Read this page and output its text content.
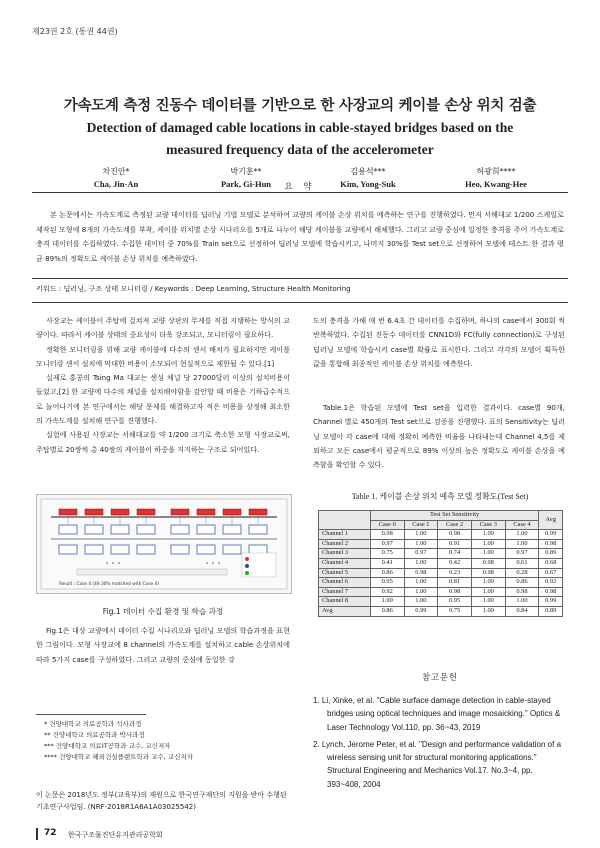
제23권 2호 (통권 44권)
가속도계 측정 진동수 데이터를 기반으로 한 사장교의 케이블 손상 위치 검출
Detection of damaged cable locations in cable-stayed bridges based on the
measured frequency data of the accelerometer
차진안*
Cha, Jin-An
박기훈**
Park, Gi-Hun
김용석***
Kim, Yong-Suk
허광희****
Heo, Kwang-Hee
요 약
본 논문에서는 가속도계로 측정된 교량 데이터를 딥러닝 기법 모델로 분석하여 교량의 케이블 손상 위치를 예측하는 연구를 진행하였다. 먼저 서해대교 1/200 스케일로 제작된 모형에 8개의 가속도계를 부착, 케이블 위치별 손상 시나리오를 5개로 나누어 해당 케이블을 교량에서 해체했다. 그리고 교량 중심에 일정한 충격을 주어 가속도계로 충격 데이터를 수집하였다. 수집한 데이터 중 70%를 Train set으로 선정하여 딥러닝 모델에 학습시키고, 나머지 30%를 Test set으로 선정하여 모델에 테스트 한 결과 평균 89%의 정확도로 케이블 손상 위치를 예측하였다.
키워드 : 딥러닝, 구조 상태 모니터링 / Keywords : Deep Learning, Structure Health Monitoring

사장교는 케이블이 주탑에 걸쳐져 교량 상판의 무게를 직접 지탱하는 방식의 교량이다. 따라서 케이블 상태의 중요성이 더욱 강조되고, 모니터링이 필요하다.

정확한 모니터링을 위해 교량 케이블에 다수의 센서 배치가 필요하지만 케이블 모니터링 센서 설치에 막대한 비용이 소모되어 현실적으로 제한될 수 있다.[1]

실제로 홍콩의 Tsing Ma 대교는 센싱 채널 당 27000달러 이상의 설치비용이 들었고,[2] 한 교량에 다수의 채널을 설치해야함을 감안할 때 비용은 기하급수적으로 늘어나기에 본 연구에서는 해당 문제를 해결하고자 적은 비용을 상정해 최소한의 가속도계를 설치해 연구를 진행했다.

실험에 사용된 사장교는 서해대교를 약 1/200 크기로 축소한 모형 사장교로써, 주탑별로 20쌍씩 총 40쌍의 케이블이 하중을 지지하는 구조로 되어있다.

Result : Case 4 (49.30% matched with Case 4)
Fig.1 데이터 수집 환경 및 학습 과정

Fig.1은 대상 교량에서 데이터 수집 시나리오와 딥러닝 모델의 학습과정을 표현한 그림이다. 모형 사장교에 8 channel의 가속도계를 설치하고 cable 손상위치에 따라 5가지 case를 구성하였다. 그리고 교량의 중심에 동일한 강

도의 충격을 가해 매 번 6.4초 간 데이터를 수집하며, 하나의 case에서 300회 씩 반복하였다. 수집된 진동수 데이터를 CNN1D와 FC(fully connection)로 구성된 딥러닝 모델에 학습시켜 case별 확률로 표시한다. 그리고 각각의 모델이 획득한 값을 통합해 최종적인 케이블 손상 위치를 예측한다.

Table.1은 학습된 모델에 Test set을 입력한 결과이다. case별 90개, Channel 별로 450개의 Test set으로 검증을 진행했다. 표의 Sensitivity는 딥러닝 모델이 각 case에 대해 정확히 예측한 비율을 나타내는데 Channel 4,5를 제외하고 모든 case에서 평균적으로 89% 이상의 높은 정확도로 케이블 손상을 예측함을 확인할 수 있다.

Table 1. 케이블 손상 위치 예측 모델 정확도(Test Set)
	Test Set Sensitivity					Avg
	Case 0	Case 1	Case 2	Case 3	Case 4	
Channel 1	0.98	1.00	0.98	1.00	1.00	0.99
Channel 2	0.97	1.00	0.91	1.00	1.00	0.98
Channel 3	0.75	0.97	0.74	1.00	0.97	0.89
Channel 4	0.41	1.00	0.42	0.98	0.61	0.68
Channel 5	0.86	0.98	0.23	0.98	0.28	0.67
Channel 6	0.95	1.00	0.81	1.00	0.86	0.92
Channel 7	0.92	1.00	0.98	1.00	0.98	0.98
Channel 8	1.00	1.00	0.95	1.00	1.00	0.99
Avg	0.86	0.99	0.75	1.00	0.84	0.89
참고문헌
1. Li, Xinke, et al. "Cable surface damage detection in cable-stayed bridges using optical techniques and image mosaicking." Optics & Laser Technology Vol.110, pp. 36~43, 2019
2. Lynch, Jerome Peter, et al. "Design and performance validation of a wireless sensing unit for structural monitoring applications." Structural Engineering and Mechanics Vol.17. No.3~4, pp. 393~408, 2004
* 건양대학교 의료공학과 석사과정
** 건양대학교 의료공학과 박사과정
*** 건양대학교 의료IT공학과 교수, 교신저자
**** 건양대학교 해외건설플랜트학과 교수, 교신저자
이 논문은 2018년도 정부(교육부)의 재원으로 한국연구재단의 지원을 받아 수행된 기초연구사업임. (NRF-2018R1A6A1A03025542)
72 한국구조물진단유지관리공학회
